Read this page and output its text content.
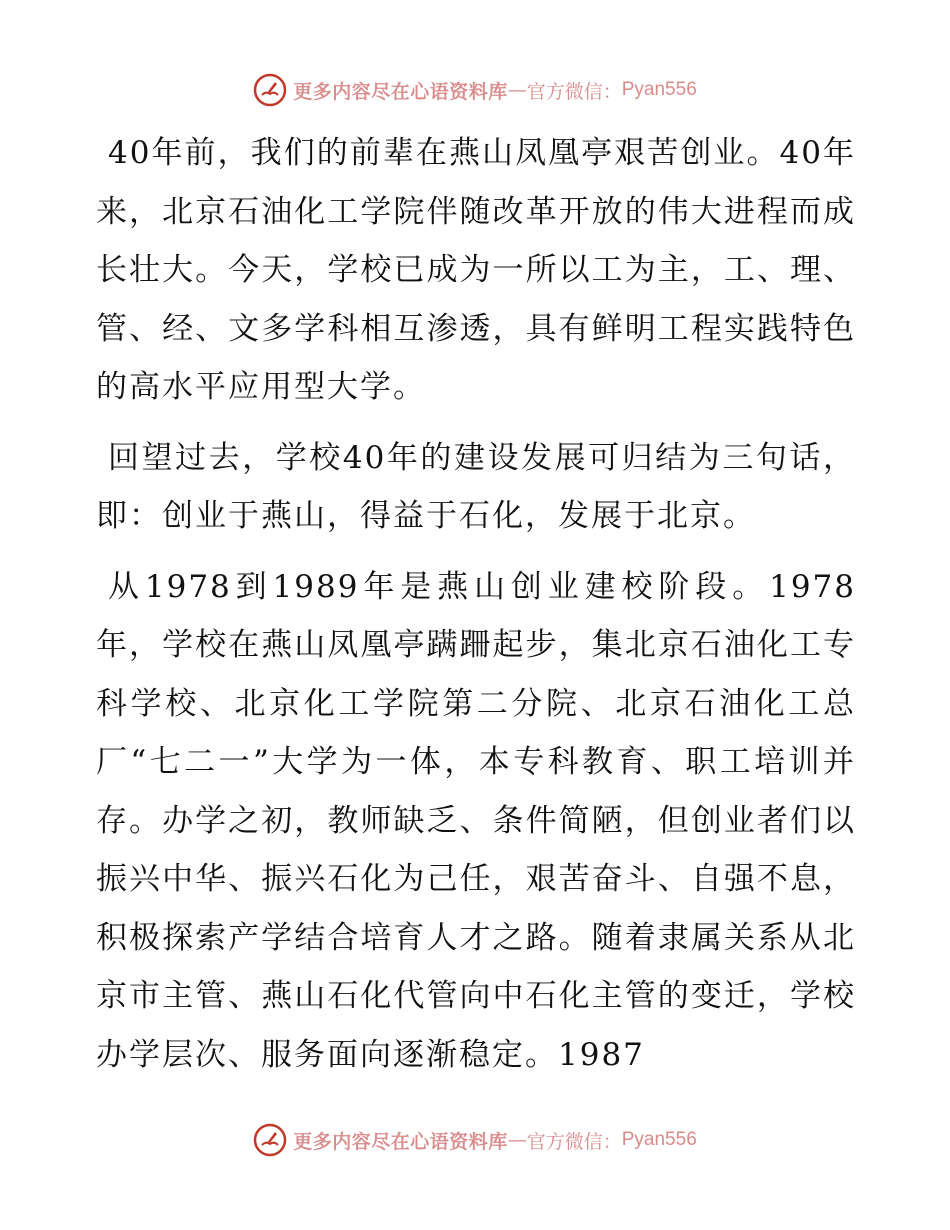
更多内容尽在心语资料库 — 官方微信： Pyan556

40年前，我们的前辈在燕山凤凰亭艰苦创业。40年来，北京石油化工学院伴随改革开放的伟大进程而成长壮大。今天，学校已成为一所以工为主，工、理、管、经、文多学科相互渗透，具有鲜明工程实践特色的高水平应用型大学。

回望过去，学校40年的建设发展可归结为三句话，即：创业于燕山，得益于石化，发展于北京。

从1978到1989年是燕山创业建校阶段。1978年，学校在燕山凤凰亭蹒跚起步，集北京石油化工专科学校、北京化工学院第二分院、北京石油化工总厂“七二一”大学为一体，本专科教育、职工培训并存。办学之初，教师缺乏、条件简陋，但创业者们以振兴中华、振兴石化为己任，艰苦奋斗、自强不息，积极探索产学结合培育人才之路。随着隶属关系从北京市主管、燕山石化代管向中石化主管的变迁，学校办学层次、服务面向逐渐稳定。1987

更多内容尽在心语资料库 — 官方微信： Pyan556
